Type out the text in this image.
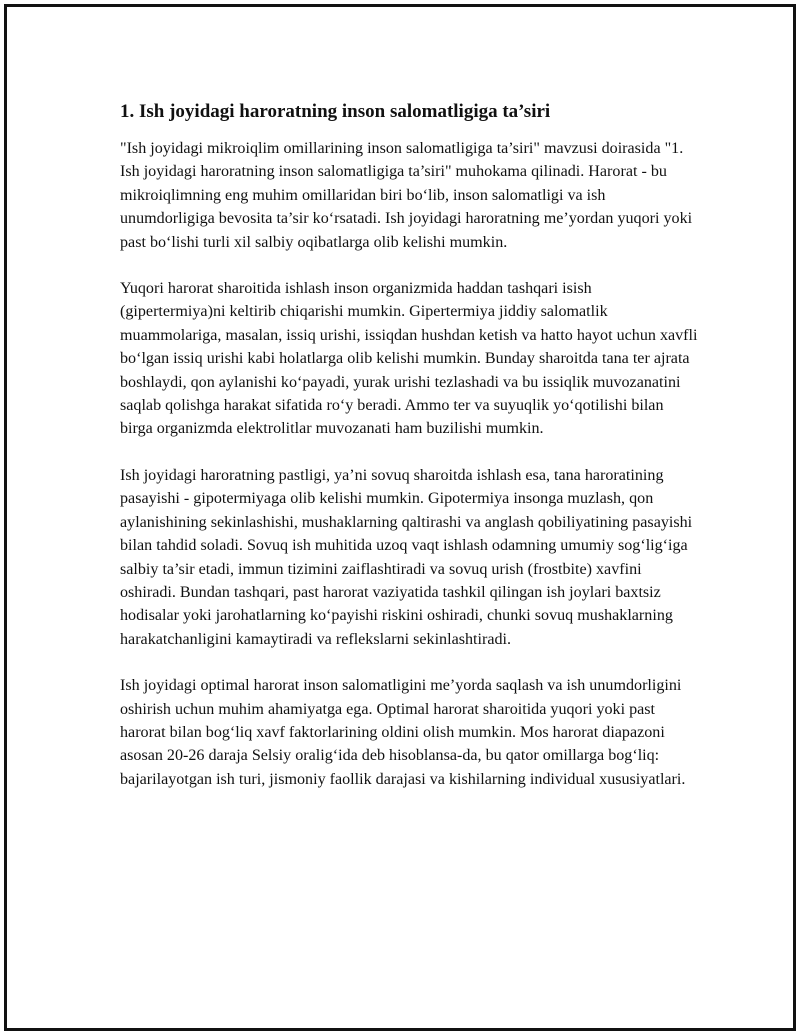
1. Ish joyidagi haroratning inson salomatligiga ta’siri

"Ish joyidagi mikroiqlim omillarining inson salomatligiga ta’siri" mavzusi doirasida "1. Ish joyidagi haroratning inson salomatligiga ta’siri" muhokama qilinadi. Harorat - bu mikroiqlimning eng muhim omillaridan biri bo‘lib, inson salomatligi va ish unumdorligiga bevosita ta’sir ko‘rsatadi. Ish joyidagi haroratning me’yordan yuqori yoki past bo‘lishi turli xil salbiy oqibatlarga olib kelishi mumkin.

Yuqori harorat sharoitida ishlash inson organizmida haddan tashqari isish (gipertermiya)ni keltirib chiqarishi mumkin. Gipertermiya jiddiy salomatlik muammolariga, masalan, issiq urishi, issiqdan hushdan ketish va hatto hayot uchun xavfli bo‘lgan issiq urishi kabi holatlarga olib kelishi mumkin. Bunday sharoitda tana ter ajrata boshlaydi, qon aylanishi ko‘payadi, yurak urishi tezlashadi va bu issiqlik muvozanatini saqlab qolishga harakat sifatida ro‘y beradi. Ammo ter va suyuqlik yo‘qotilishi bilan birga organizmda elektrolitlar muvozanati ham buzilishi mumkin.

Ish joyidagi haroratning pastligi, ya’ni sovuq sharoitda ishlash esa, tana haroratining pasayishi - gipotermiyaga olib kelishi mumkin. Gipotermiya insonga muzlash, qon aylanishining sekinlashishi, mushaklarning qaltirashi va anglash qobiliyatining pasayishi bilan tahdid soladi. Sovuq ish muhitida uzoq vaqt ishlash odamning umumiy sog‘lig‘iga salbiy ta’sir etadi, immun tizimini zaiflashtiradi va sovuq urish (frostbite) xavfini oshiradi. Bundan tashqari, past harorat vaziyatida tashkil qilingan ish joylari baxtsiz hodisalar yoki jarohatlarning ko‘payishi riskini oshiradi, chunki sovuq mushaklarning harakatchanligini kamaytiradi va reflekslarni sekinlashtiradi.

Ish joyidagi optimal harorat inson salomatligini me’yorda saqlash va ish unumdorligini oshirish uchun muhim ahamiyatga ega. Optimal harorat sharoitida yuqori yoki past harorat bilan bog‘liq xavf faktorlarining oldini olish mumkin. Mos harorat diapazoni asosan 20-26 daraja Selsiy oralig‘ida deb hisoblansa-da, bu qator omillarga bog‘liq: bajarilayotgan ish turi, jismoniy faollik darajasi va kishilarning individual xususiyatlari.
